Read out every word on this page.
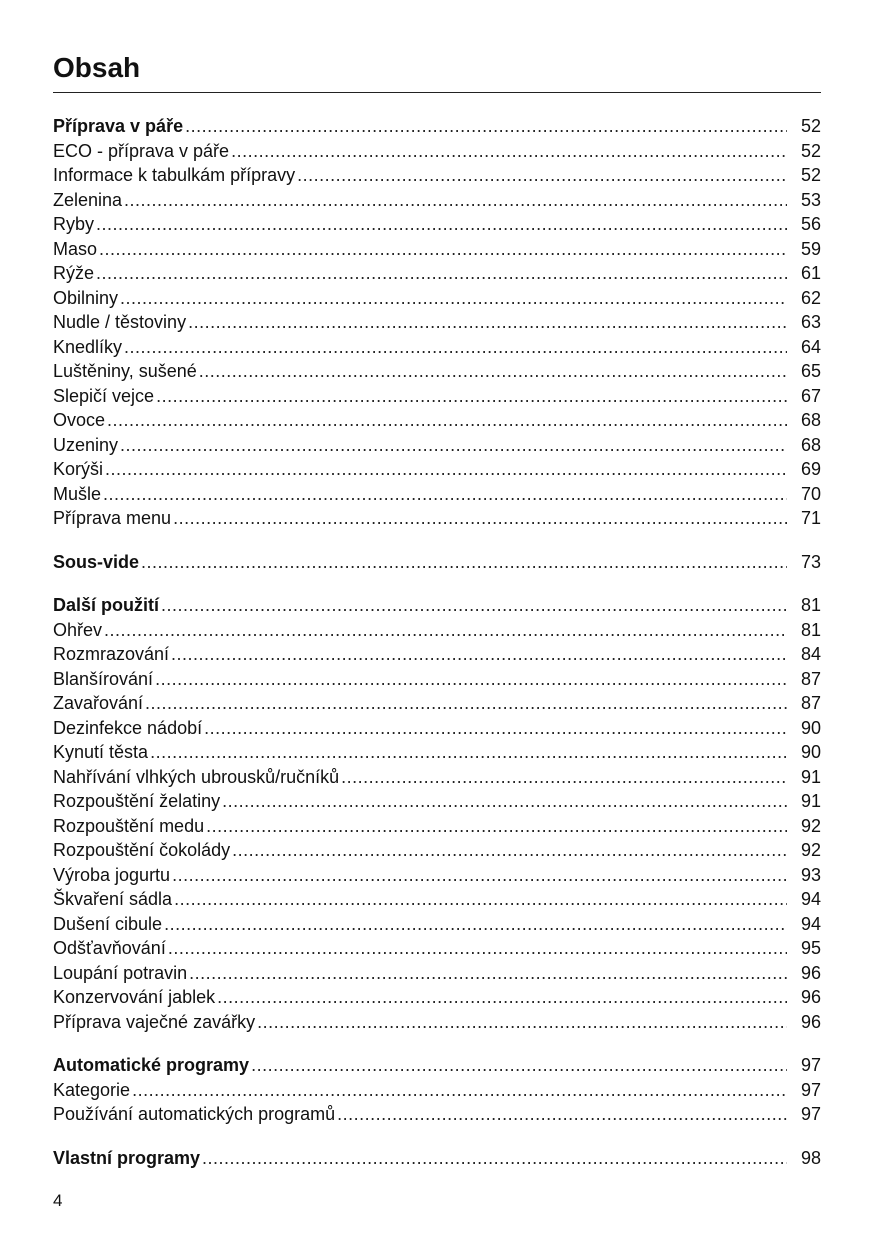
Obsah
Příprava v páře .....	52
ECO - příprava v páře .....	52
Informace k tabulkám přípravy .....	52
Zelenina .....	53
Ryby .....	56
Maso .....	59
Rýže .....	61
Obilniny .....	62
Nudle / těstoviny .....	63
Knedlíky .....	64
Luštěniny, sušené .....	65
Slepičí vejce .....	67
Ovoce .....	68
Uzeniny .....	68
Korýši .....	69
Mušle .....	70
Příprava menu .....	71
Sous-vide .....	73
Další použití .....	81
Ohřev .....	81
Rozmrazování .....	84
Blanšírování .....	87
Zavařování .....	87
Dezinfekce nádobí .....	90
Kynutí těsta .....	90
Nahřívání vlhkých ubrousků/ručníků .....	91
Rozpouštění želatiny .....	91
Rozpouštění medu .....	92
Rozpouštění čokolády .....	92
Výroba jogurtu .....	93
Škvaření sádla .....	94
Dušení cibule .....	94
Odšťavňování .....	95
Loupání potravin .....	96
Konzervování jablek .....	96
Příprava vaječné zavářky .....	96
Automatické programy .....	97
Kategorie .....	97
Používání automatických programů .....	97
Vlastní programy .....	98
4
